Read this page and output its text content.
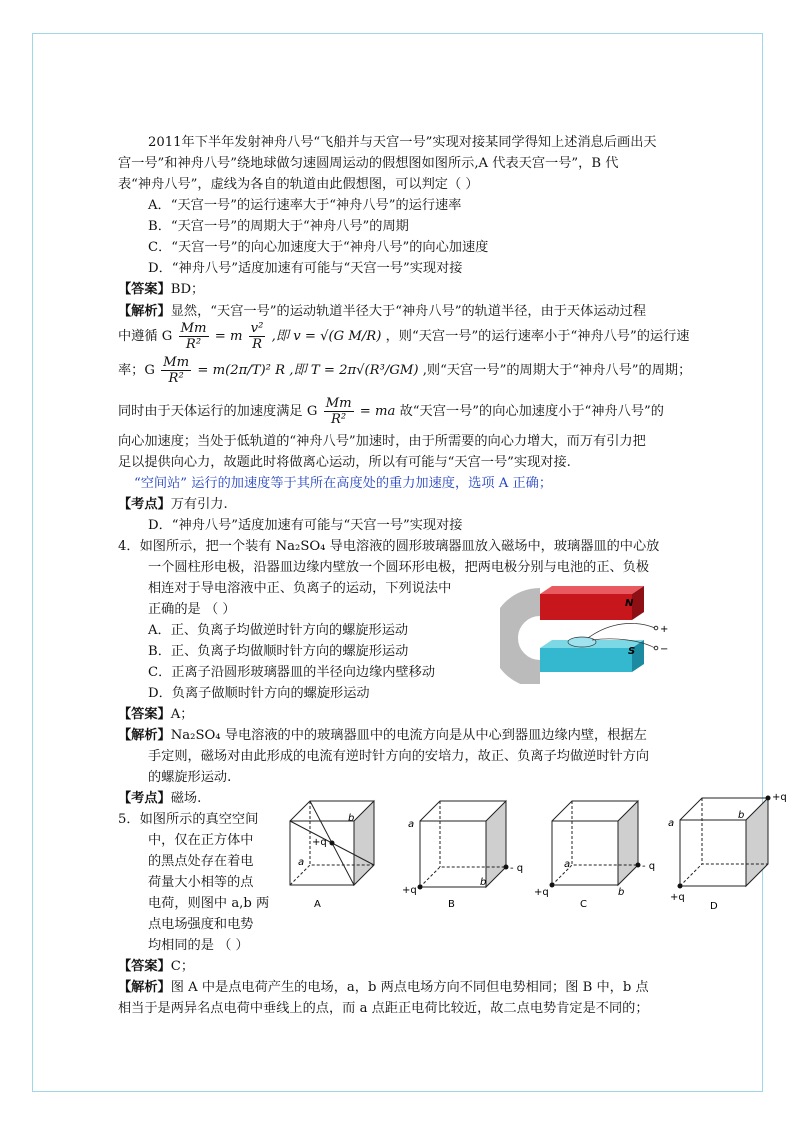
2011年下半年发射神舟八号“飞船并与天宫一号”实现对接某同学得知上述消息后画出天
宫一号”和神舟八号”绕地球做匀速圆周运动的假想图如图所示,A 代表天宫一号”，B 代
表“神舟八号”，虚线为各自的轨道由此假想图，可以判定（ ）
A．“天宫一号”的运行速率大于“神舟八号”的运行速率
B．“天宫一号”的周期大于“神舟八号”的周期
C．“天宫一号”的向心加速度大于“神舟八号”的向心加速度
D．“神舟八号”适度加速有可能与“天宫一号”实现对接
【答案】BD；
【解析】显然，“天宫一号”的运动轨道半径大于“神舟八号”的轨道半径，由于天体运动过程
中遵循 G $\frac{Mm}{\text{R²}} = m \frac{\text{v²}}{R}$ ,即 v = √(G M/R) ，则“天宫一号”的运行速率小于“神舟八号”的运行速
率；G $\frac{Mm}{\text{R²}} = m(2\pi/T)^2$ R ,即 T = 2π√(R³/GM) ,则“天宫一号”的周期大于“神舟八号”的周期；
同时由于天体运行的加速度满足 G $\frac{Mm}{\text{R²}}$ = ma 故“天宫一号”的向心加速度小于“神舟八号”的
向心加速度；当处于低轨道的“神舟八号”加速时，由于所需要的向心力增大，而万有引力把
足以提供向心力，故题此时将做离心运动，所以有可能与“天宫一号”实现对接.
“空间站” 运行的加速度等于其所在高度处的重力加速度，选项 A 正确；
【考点】万有引力.
D．“神舟八号”适度加速有可能与“天宫一号”实现对接
4．如图所示，把一个装有 Na₂SO₄ 导电溶液的圆形玻璃器皿放入磁场中，玻璃器皿的中心放
一个圆柱形电极，沿器皿边缘内壁放一个圆环形电极，把两电极分别与电池的正、负极
相连对于导电溶液中正、负离子的运动，下列说法中
正确的是 （ ）
A．正、负离子均做逆时针方向的螺旋形运动
B．正、负离子均做顺时针方向的螺旋形运动
C．正离子沿圆形玻璃器皿的半径向边缘内壁移动
D．负离子做顺时针方向的螺旋形运动
N
S
+
−
【答案】A；
【解析】Na₂SO₄ 导电溶液的中的玻璃器皿中的电流方向是从中心到器皿边缘内壁，根据左
手定则，磁场对由此形成的电流有逆时针方向的安培力，故正、负离子均做逆时针方向
的螺旋形运动.
【考点】磁场.
5．如图所示的真空空间
中，仅在正方体中
的黑点处存在着电
荷量大小相等的点
电荷，则图中 a,b 两
点电场强度和电势
均相同的是 （ ）
+q
b
a
A
+q
- q
a
b
B
+q
- q
a
b
C
+q
+q
a
b
D
【答案】C；
【解析】图 A 中是点电荷产生的电场，a，b 两点电场方向不同但电势相同；图 B 中，b 点
相当于是两异名点电荷中垂线上的点，而 a 点距正电荷比较近，故二点电势肯定是不同的；
